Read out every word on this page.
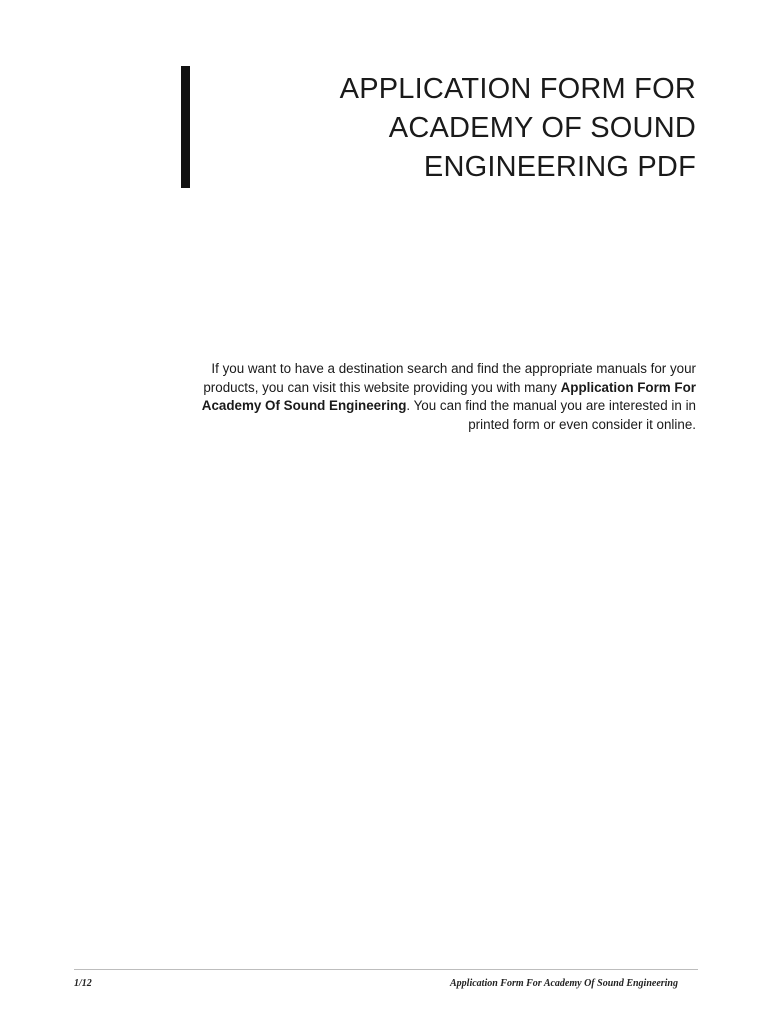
APPLICATION FORM FOR
ACADEMY OF SOUND
ENGINEERING PDF

If you want to have a destination search and find the appropriate manuals for your products, you can visit this website providing you with many Application Form For Academy Of Sound Engineering. You can find the manual you are interested in in printed form or even consider it online.

1/12	Application Form For Academy Of Sound Engineering
